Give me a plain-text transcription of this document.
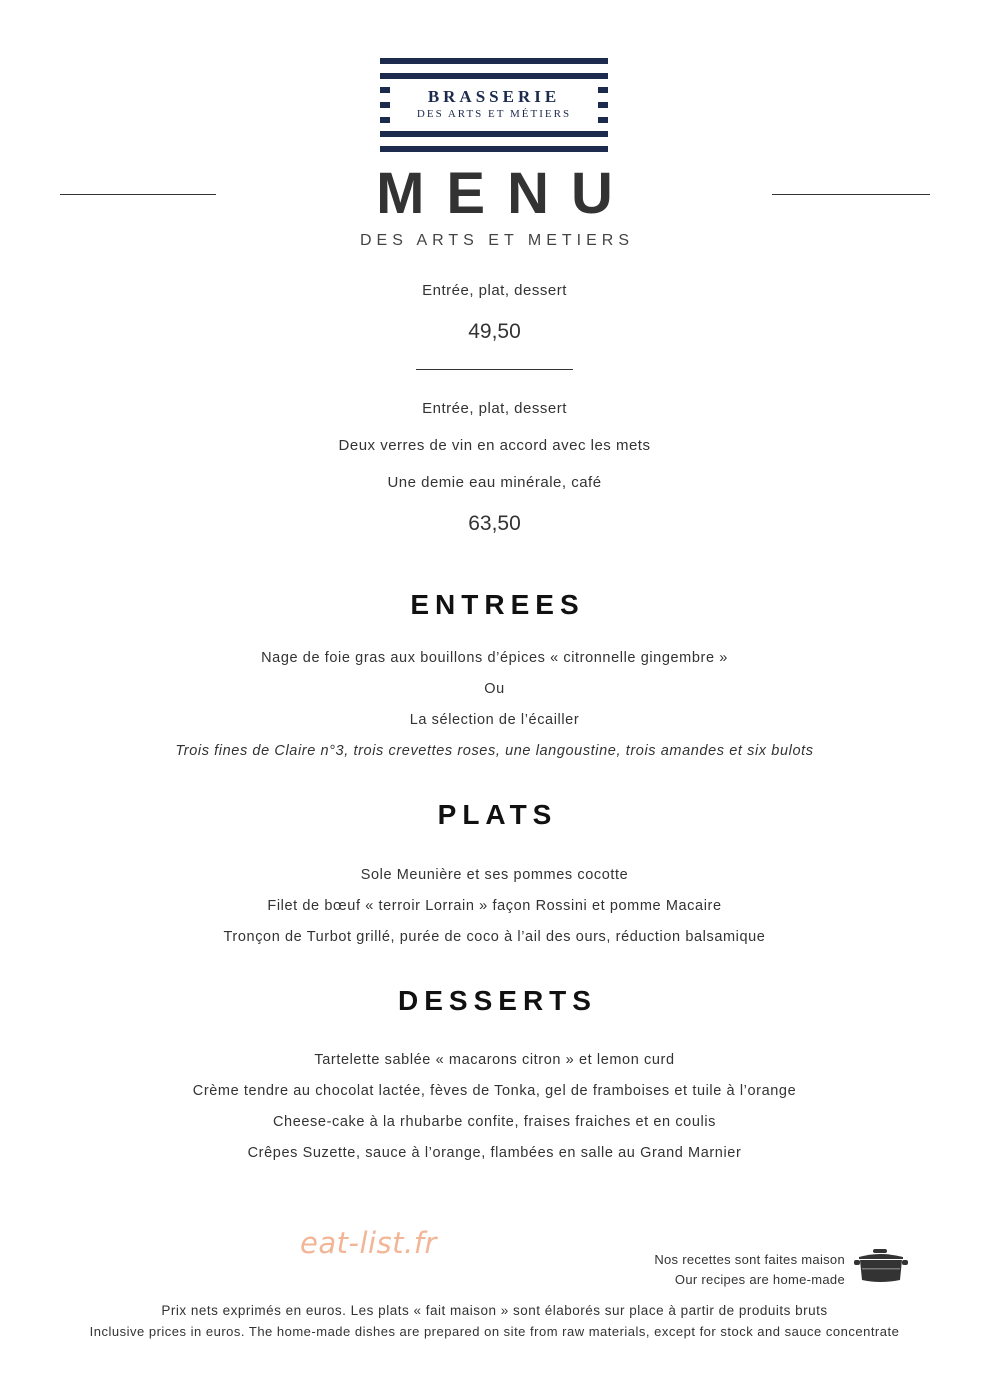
BRASSERIE
DES ARTS ET MÉTIERS
MENU
DES ARTS ET METIERS
Entrée, plat, dessert
49,50
Entrée, plat, dessert
Deux verres de vin en accord avec les mets
Une demie eau minérale, café
63,50
ENTREES
Nage de foie gras aux bouillons d’épices « citronnelle gingembre »
Ou
La sélection de l’écailler
Trois fines de Claire n°3, trois crevettes roses, une langoustine, trois amandes et six bulots
PLATS
Sole Meunière et ses pommes cocotte
Filet de bœuf « terroir Lorrain » façon Rossini et pomme Macaire
Tronçon de Turbot grillé, purée de coco à l’ail des ours, réduction balsamique
DESSERTS
Tartelette sablée « macarons citron » et lemon curd
Crème tendre au chocolat lactée, fèves de Tonka, gel de framboises et tuile à l’orange
Cheese-cake à la rhubarbe confite, fraises fraiches et en coulis
Crêpes Suzette, sauce à l’orange, flambées en salle au Grand Marnier
eat-list.fr	Nos recettes sont faites maison
Our recipes are home-made
Prix nets exprimés en euros. Les plats « fait maison » sont élaborés sur place à partir de produits bruts
Inclusive prices in euros. The home-made dishes are prepared on site from raw materials, except for stock and sauce concentrate
